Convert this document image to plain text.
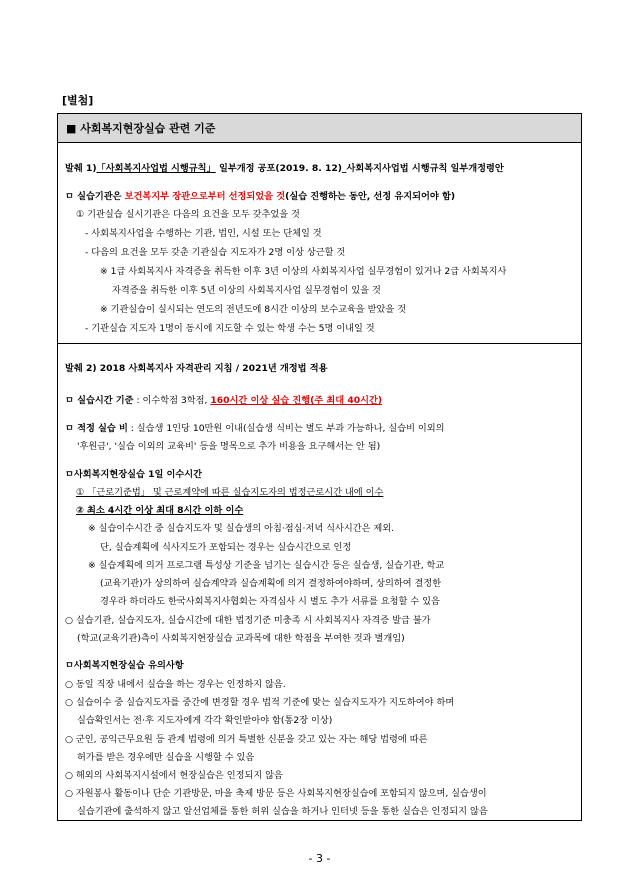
[별첨]
■ 사회복지현장실습 관련 기준
발췌 1)「사회복지사업법 시행규칙」 일부개정 공포(2019. 8. 12)_사회복지사업법 시행규칙 일부개정령안
ㅁ 실습기관은 보건복지부 장관으로부터 선정되었을 것(실습 진행하는 동안, 선정 유지되어야 함)
① 기관실습 실시기관은 다음의 요건을 모두 갖추었을 것
- 사회복지사업을 수행하는 기관, 법인, 시설 또는 단체일 것
- 다음의 요건을 모두 갖춘 기관실습 지도자가 2명 이상 상근할 것
※ 1급 사회복지사 자격증을 취득한 이후 3년 이상의 사회복지사업 실무경험이 있거나 2급 사회복지사
자격증을 취득한 이후 5년 이상의 사회복지사업 실무경험이 있을 것
※ 기관실습이 실시되는 연도의 전년도에 8시간 이상의 보수교육을 받았을 것
- 기관실습 지도자 1명이 동시에 지도할 수 있는 학생 수는 5명 이내일 것
발췌 2) 2018 사회복지사 자격관리 지침 / 2021년 개정법 적용
ㅁ 실습시간 기준 : 이수학점 3학점, 160시간 이상 실습 진행(주 최대 40시간)
ㅁ 적정 실습 비 : 실습생 1인당 10만원 이내(실습생 식비는 별도 부과 가능하나, 실습비 이외의
'후원금', '실습 이외의 교육비' 등을 명목으로 추가 비용을 요구해서는 안 됨)
ㅁ사회복지현장실습 1일 이수시간
① 「근로기준법」 및 근로계약에 따른 실습지도자의 법정근로시간 내에 이수
② 최소 4시간 이상 최대 8시간 이하 이수
※ 실습이수시간 중 실습지도자 및 실습생의 아침·점심·저녁 식사시간은 제외.
단, 실습계획에 식사지도가 포함되는 경우는 실습시간으로 인정
※ 실습계획에 의거 프로그램 특성상 기준을 넘기는 실습시간 등은 실습생, 실습기관, 학교
(교육기관)가 상의하여 실습계약과 실습계획에 의거 결정하여야하며, 상의하여 결정한
경우라 하더라도 한국사회복지사협회는 자격심사 시 별도 추가 서류를 요청할 수 있음
○ 실습기관, 실습지도자, 실습시간에 대한 법정기준 미충족 시 사회복지사 자격증 발급 불가
(학교(교육기관)측이 사회복지현장실습 교과목에 대한 학점을 부여한 것과 별개임)
ㅁ사회복지현장실습 유의사항
○ 동일 직장 내에서 실습을 하는 경우는 인정하지 않음.
○ 실습이수 중 실습지도자를 중간에 변경할 경우 법적 기준에 맞는 실습지도자가 지도하여야 하며
실습확인서는 전·후 지도자에게 각각 확인받아야 함(통2장 이상)
○ 군인, 공익근무요원 등 관계 법령에 의거 특별한 신분을 갖고 있는 자는 해당 법령에 따른
허가를 받은 경우에만 실습을 시행할 수 있음
○ 해외의 사회복지시설에서 현장실습은 인정되지 않음
○ 자원봉사 활동이나 단순 기관방문, 마을 축제 방문 등은 사회복지현장실습에 포함되지 않으며, 실습생이
실습기관에 출석하지 않고 알선업체를 통한 허위 실습을 하거나 인터넷 등을 통한 실습은 인정되지 않음
- 3 -
